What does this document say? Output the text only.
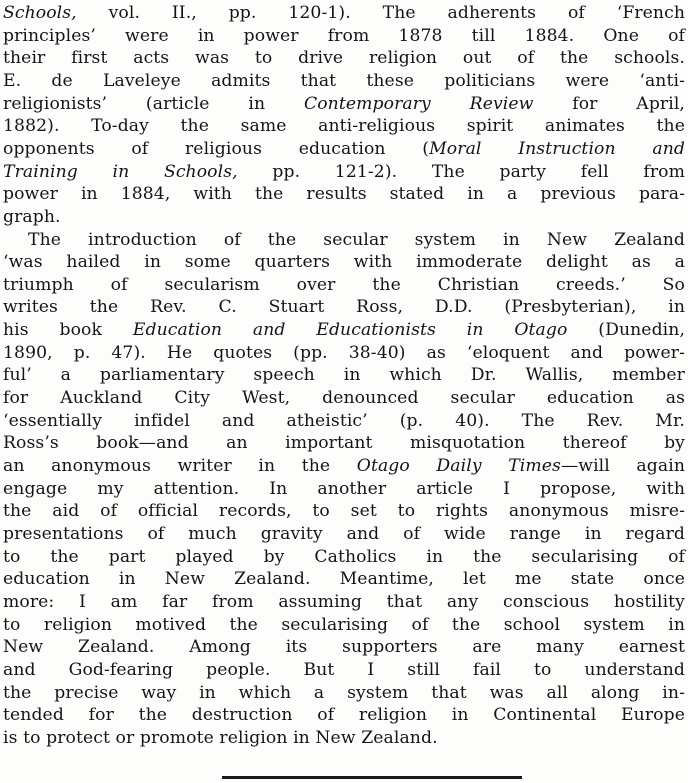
Schools, vol. II., pp. 120-1). The adherents of ‘French
principles’ were in power from 1878 till 1884. One of
their first acts was to drive religion out of the schools.
E. de Laveleye admits that these politicians were ‘anti-
religionists’ (article in Contemporary Review for April,
1882). To-day the same anti-religious spirit animates the
opponents of religious education (Moral Instruction and
Training in Schools, pp. 121-2). The party fell from
power in 1884, with the results stated in a previous para-
graph.
The introduction of the secular system in New Zealand
‘was hailed in some quarters with immoderate delight as a
triumph of secularism over the Christian creeds.’ So
writes the Rev. C. Stuart Ross, D.D. (Presbyterian), in
his book Education and Educationists in Otago (Dunedin,
1890, p. 47). He quotes (pp. 38-40) as ‘eloquent and power-
ful’ a parliamentary speech in which Dr. Wallis, member
for Auckland City West, denounced secular education as
‘essentially infidel and atheistic’ (p. 40). The Rev. Mr.
Ross’s book—and an important misquotation thereof by
an anonymous writer in the Otago Daily Times—will again
engage my attention. In another article I propose, with
the aid of official records, to set to rights anonymous misre-
presentations of much gravity and of wide range in regard
to the part played by Catholics in the secularising of
education in New Zealand. Meantime, let me state once
more: I am far from assuming that any conscious hostility
to religion motived the secularising of the school system in
New Zealand. Among its supporters are many earnest
and God-fearing people. But I still fail to understand
the precise way in which a system that was all along in-
tended for the destruction of religion in Continental Europe
is to protect or promote religion in New Zealand.
